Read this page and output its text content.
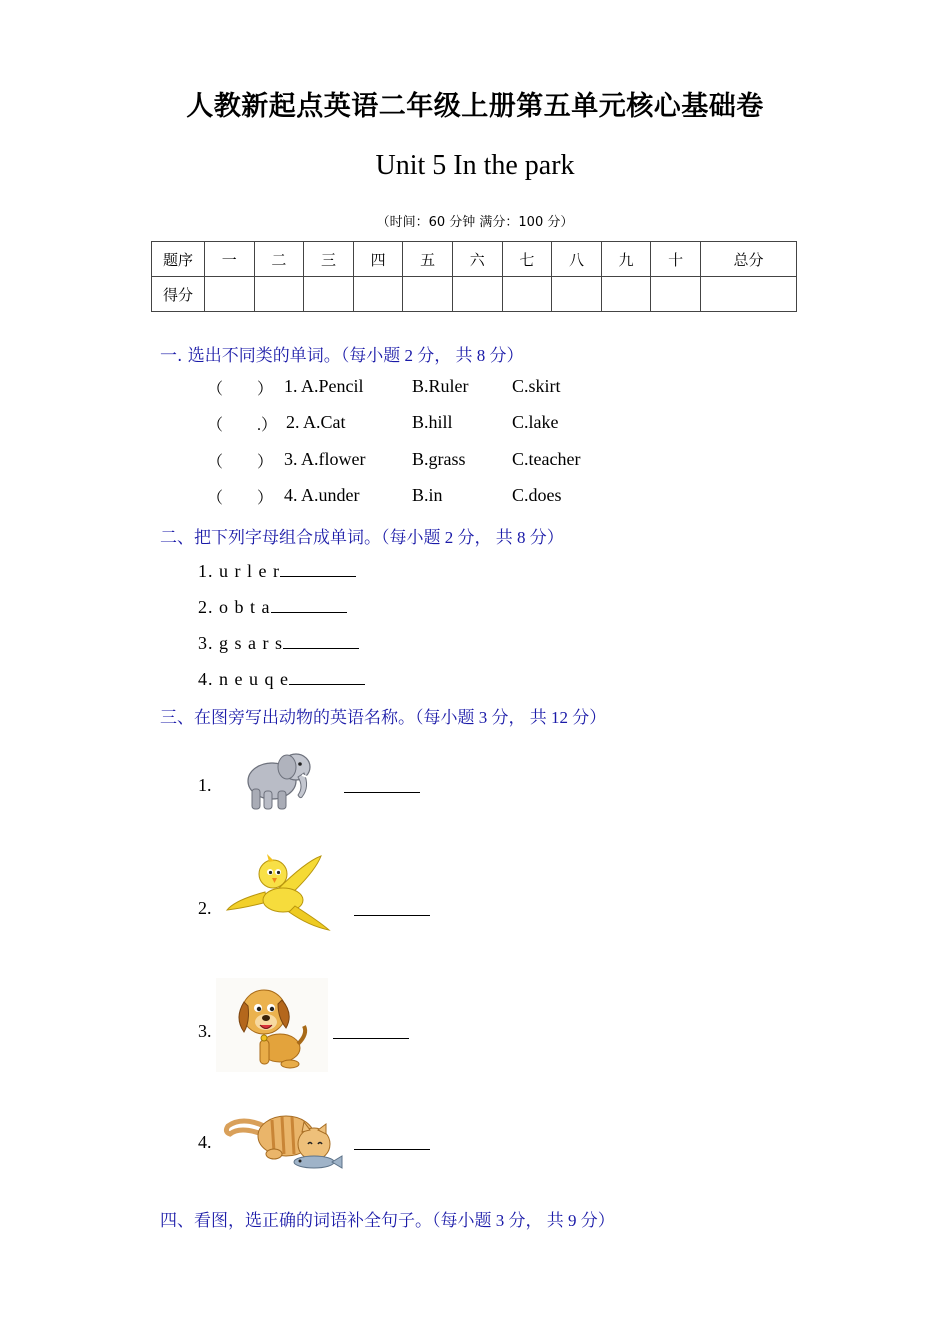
人教新起点英语二年级上册第五单元核心基础卷
Unit 5 In the park
（时间：60 分钟 满分：100 分）
题序	一	二	三	四	五	六	七	八	九	十	总分
得分											
一. 选出不同类的单词。（每小题 2 分， 共 8 分）
（ ） 1. A.Pencil	B.Ruler C.skirt
（ .） 2. A.Cat	B.hill	C.lake
（ ） 3. A.flower	B.grass	C.teacher
（ ） 4. A.under	B.in	C.does
二、把下列字母组合成单词。（每小题 2 分， 共 8 分）
1. u r l e r
2. o b t a
3. g s a r s
4. n e u q e
三、在图旁写出动物的英语名称。（每小题 3 分， 共 12 分）
1.
2.
3.
4.
四、看图，选正确的词语补全句子。（每小题 3 分， 共 9 分）
